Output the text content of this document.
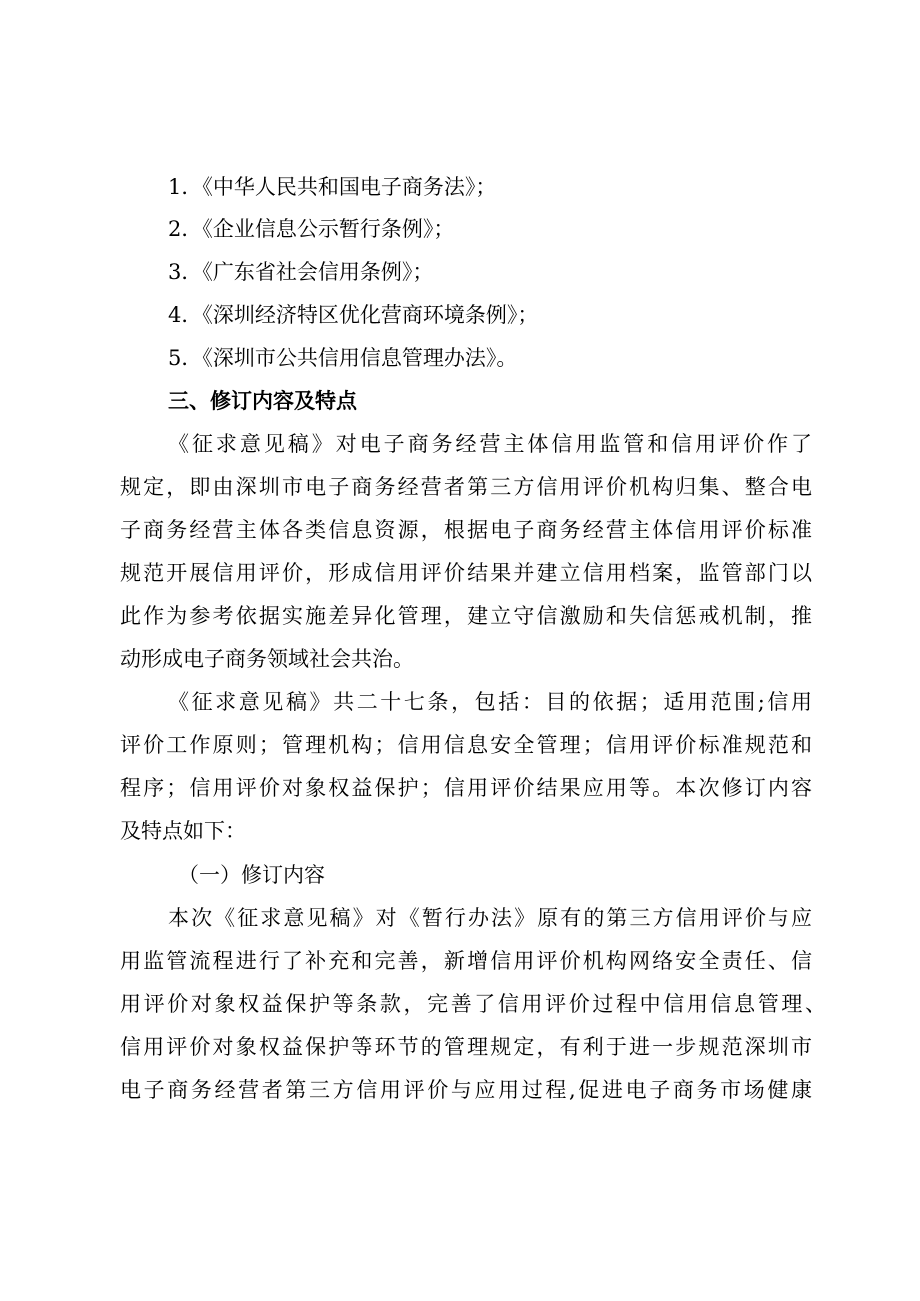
1．《中华人民共和国电子商务法》；
2．《企业信息公示暂行条例》；
3．《广东省社会信用条例》；
4．《深圳经济特区优化营商环境条例》；
5．《深圳市公共信用信息管理办法》。
三、修订内容及特点
《征求意见稿》对电子商务经营主体信用监管和信用评价作了
规定，即由深圳市电子商务经营者第三方信用评价机构归集、整合电
子商务经营主体各类信息资源，根据电子商务经营主体信用评价标准
规范开展信用评价，形成信用评价结果并建立信用档案，监管部门以
此作为参考依据实施差异化管理，建立守信激励和失信惩戒机制，推
动形成电子商务领域社会共治。
《征求意见稿》共二十七条，包括：目的依据；适用范围;信用
评价工作原则；管理机构；信用信息安全管理；信用评价标准规范和
程序；信用评价对象权益保护；信用评价结果应用等。本次修订内容
及特点如下：
（一）修订内容
本次《征求意见稿》对《暂行办法》原有的第三方信用评价与应
用监管流程进行了补充和完善，新增信用评价机构网络安全责任、信
用评价对象权益保护等条款，完善了信用评价过程中信用信息管理、
信用评价对象权益保护等环节的管理规定，有利于进一步规范深圳市
电子商务经营者第三方信用评价与应用过程,促进电子商务市场健康
